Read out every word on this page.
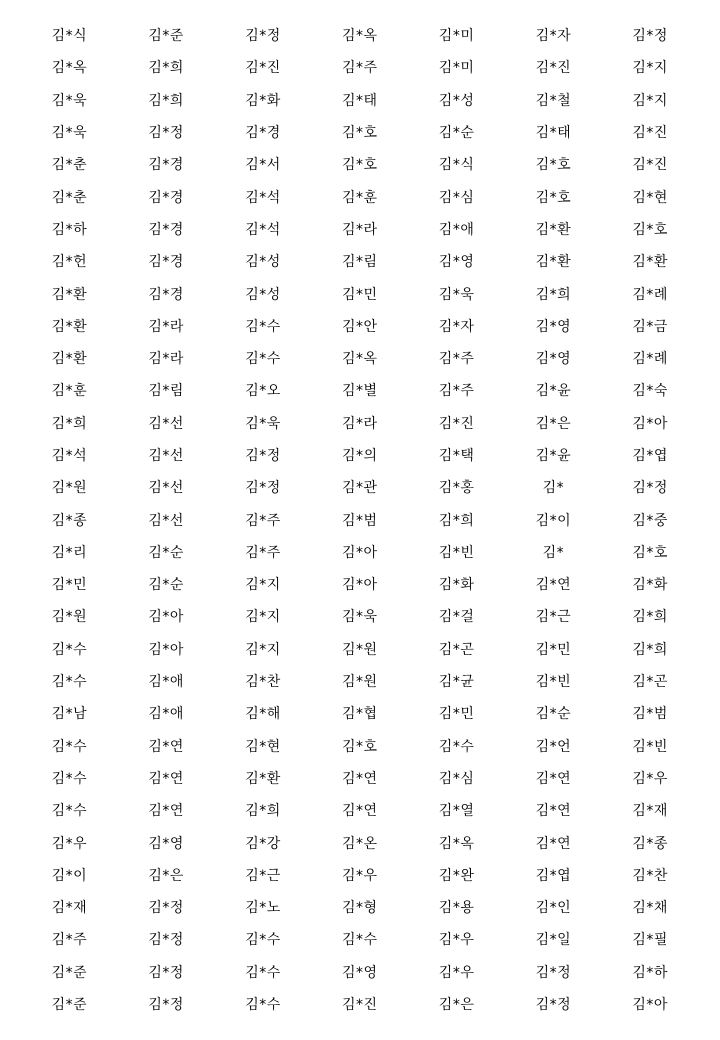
김*식	김*준	김*정	김*옥	김*미	김*자	김*정
김*옥	김*희	김*진	김*주	김*미	김*진	김*지
김*욱	김*희	김*화	김*태	김*성	김*철	김*지
김*욱	김*정	김*경	김*호	김*순	김*태	김*진
김*춘	김*경	김*서	김*호	김*식	김*호	김*진
김*춘	김*경	김*석	김*훈	김*심	김*호	김*현
김*하	김*경	김*석	김*라	김*애	김*환	김*호
김*헌	김*경	김*성	김*림	김*영	김*환	김*환
김*환	김*경	김*성	김*민	김*욱	김*희	김*례
김*환	김*라	김*수	김*안	김*자	김*영	김*금
김*환	김*라	김*수	김*옥	김*주	김*영	김*례
김*훈	김*림	김*오	김*별	김*주	김*윤	김*숙
김*희	김*선	김*욱	김*라	김*진	김*은	김*아
김*석	김*선	김*정	김*의	김*택	김*윤	김*엽
김*원	김*선	김*정	김*관	김*홍	김*	김*정
김*종	김*선	김*주	김*범	김*희	김*이	김*중
김*리	김*순	김*주	김*아	김*빈	김*	김*호
김*민	김*순	김*지	김*아	김*화	김*연	김*화
김*원	김*아	김*지	김*욱	김*걸	김*근	김*희
김*수	김*아	김*지	김*원	김*곤	김*민	김*희
김*수	김*애	김*찬	김*원	김*균	김*빈	김*곤
김*남	김*애	김*해	김*협	김*민	김*순	김*범
김*수	김*연	김*현	김*호	김*수	김*언	김*빈
김*수	김*연	김*환	김*연	김*심	김*연	김*우
김*수	김*연	김*희	김*연	김*열	김*연	김*재
김*우	김*영	김*강	김*온	김*옥	김*연	김*종
김*이	김*은	김*근	김*우	김*완	김*엽	김*찬
김*재	김*정	김*노	김*형	김*용	김*인	김*채
김*주	김*정	김*수	김*수	김*우	김*일	김*필
김*준	김*정	김*수	김*영	김*우	김*정	김*하
김*준	김*정	김*수	김*진	김*은	김*정	김*아
